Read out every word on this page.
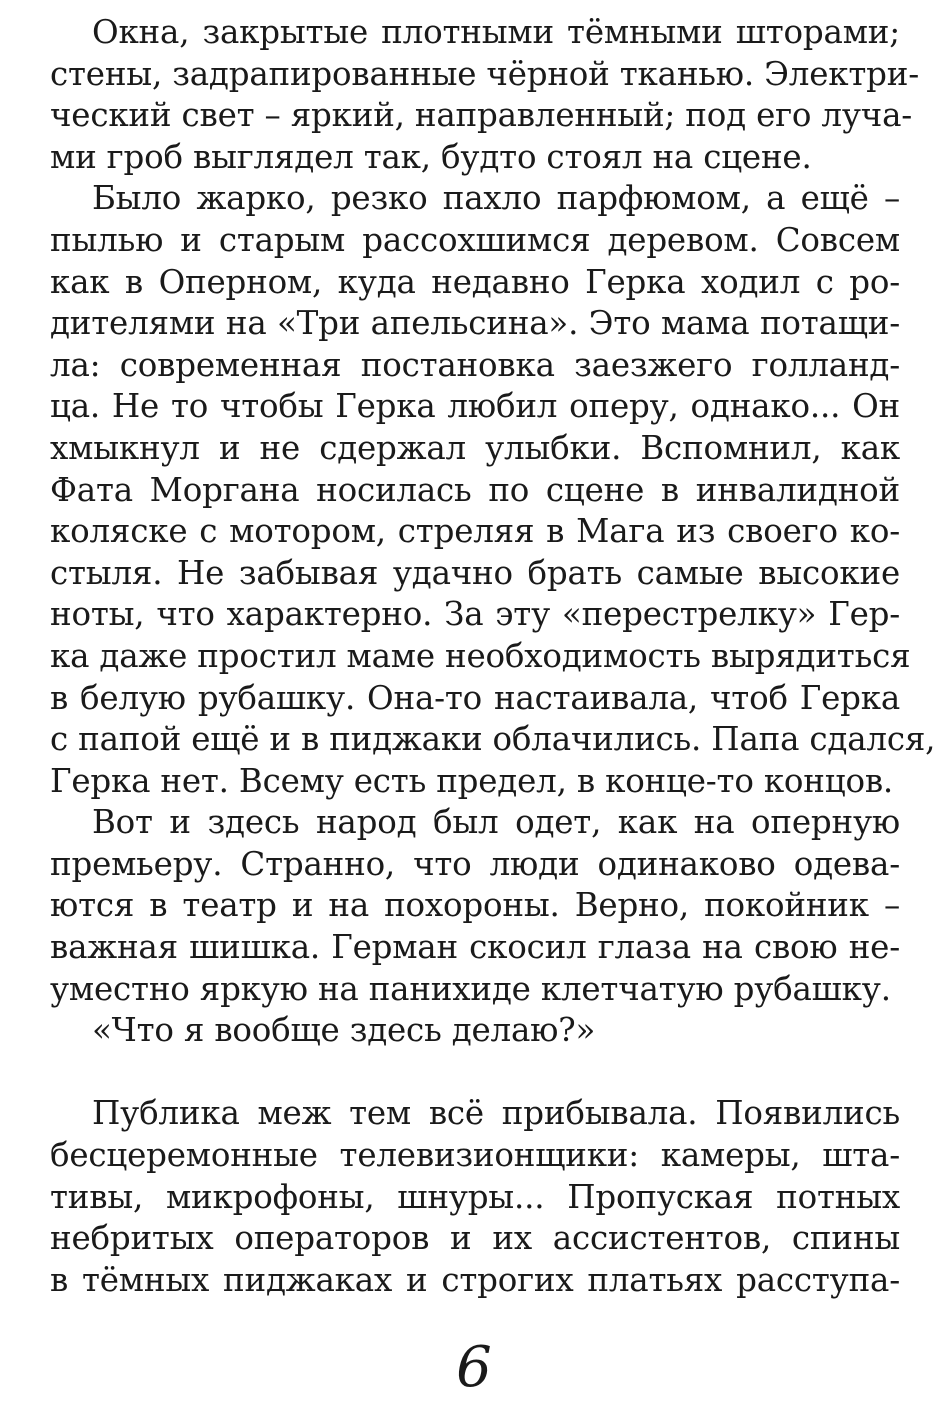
Окна, закрытые плотными тёмными шторами;
стены, задрапированные чёрной тканью. Электри-
ческий свет – яркий, направленный; под его луча-
ми гроб выглядел так, будто стоял на сцене.
Было жарко, резко пахло парфюмом, а ещё –
пылью и старым рассохшимся деревом. Совсем
как в Оперном, куда недавно Герка ходил с ро-
дителями на «Три апельсина». Это мама потащи-
ла: современная постановка заезжего голланд-
ца. Не то чтобы Герка любил оперу, однако... Он
хмыкнул и не сдержал улыбки. Вспомнил, как
Фата Моргана носилась по сцене в инвалидной
коляске с мотором, стреляя в Мага из своего ко-
стыля. Не забывая удачно брать самые высокие
ноты, что характерно. За эту «перестрелку» Гер-
ка даже простил маме необходимость вырядиться
в белую рубашку. Она-то настаивала, чтоб Герка
с папой ещё и в пиджаки облачились. Папа сдался,
Герка нет. Всему есть предел, в конце-то концов.
Вот и здесь народ был одет, как на оперную
премьеру. Странно, что люди одинаково одева-
ются в театр и на похороны. Верно, покойник –
важная шишка. Герман скосил глаза на свою не-
уместно яркую на панихиде клетчатую рубашку.
«Что я вообще здесь делаю?»
Публика меж тем всё прибывала. Появились
бесцеремонные телевизионщики: камеры, шта-
тивы, микрофоны, шнуры... Пропуская потных
небритых операторов и их ассистентов, спины
в тёмных пиджаках и строгих платьях расступа-
6
